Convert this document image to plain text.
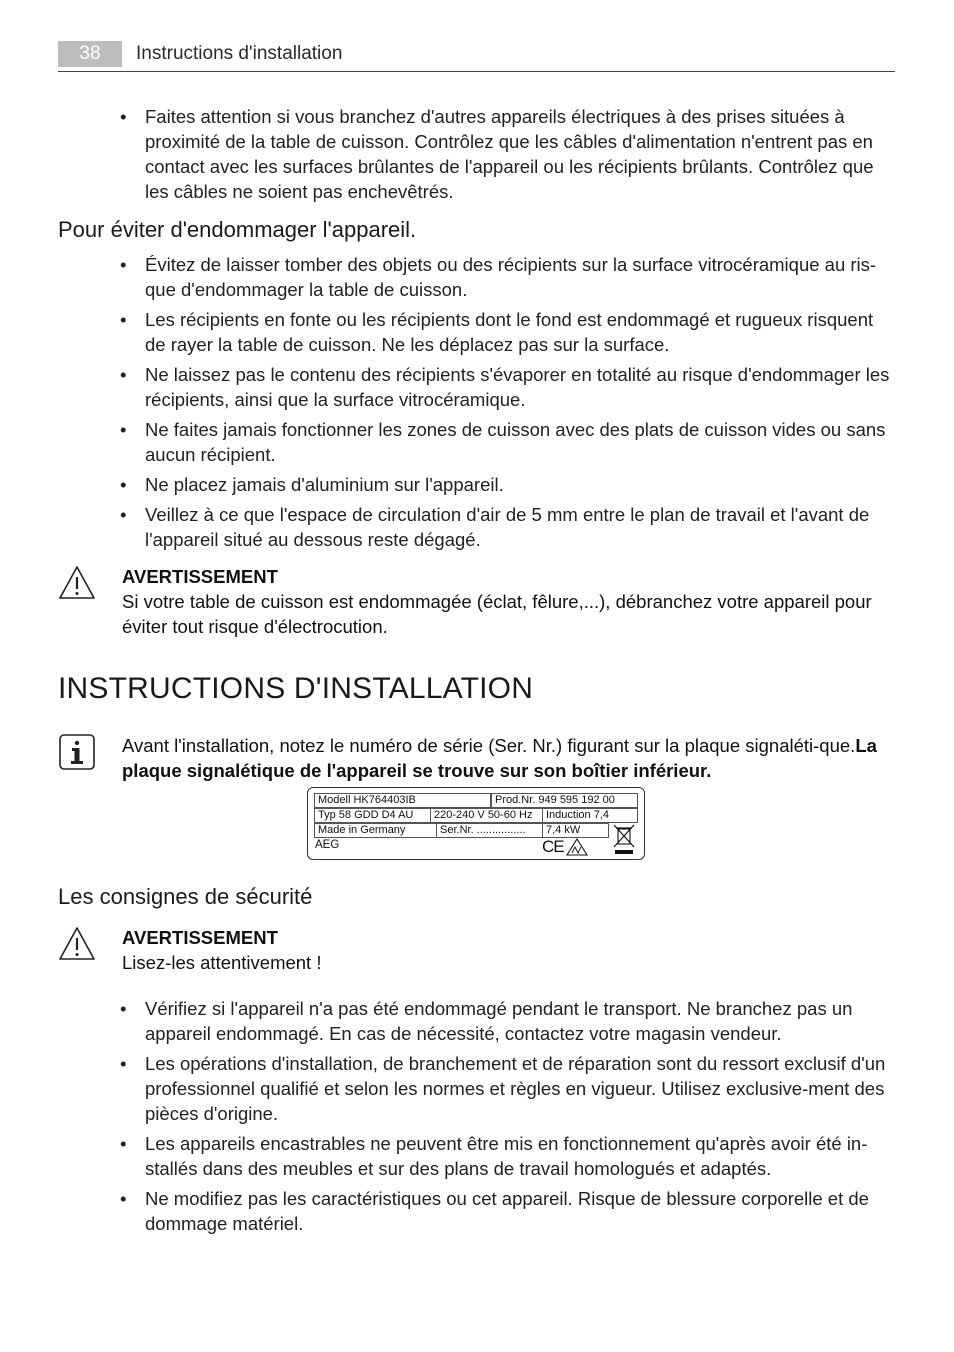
38	Instructions d'installation
• Faites attention si vous branchez d'autres appareils électriques à des prises situées à proximité de la table de cuisson. Contrôlez que les câbles d'alimentation n'entrent pas en contact avec les surfaces brûlantes de l'appareil ou les récipients brûlants. Contrôlez que les câbles ne soient pas enchevêtrés.
Pour éviter d'endommager l'appareil.
• Évitez de laisser tomber des objets ou des récipients sur la surface vitrocéramique au ris-que d'endommager la table de cuisson.
• Les récipients en fonte ou les récipients dont le fond est endommagé et rugueux risquent de rayer la table de cuisson. Ne les déplacez pas sur la surface.
• Ne laissez pas le contenu des récipients s'évaporer en totalité au risque d'endommager les récipients, ainsi que la surface vitrocéramique.
• Ne faites jamais fonctionner les zones de cuisson avec des plats de cuisson vides ou sans aucun récipient.
• Ne placez jamais d'aluminium sur l'appareil.
• Veillez à ce que l'espace de circulation d'air de 5 mm entre le plan de travail et l'avant de l'appareil situé au dessous reste dégagé.
AVERTISSEMENT
Si votre table de cuisson est endommagée (éclat, fêlure,...), débranchez votre appareil pour éviter tout risque d'électrocution.
INSTRUCTIONS D'INSTALLATION
Avant l'installation, notez le numéro de série (Ser. Nr.) figurant sur la plaque signaléti-que.La plaque signalétique de l'appareil se trouve sur son boîtier inférieur.
Modell HK764403IB	Prod.Nr. 949 595 192 00
Typ 58 GDD D4 AU	220-240 V 50-60 Hz	Induction 7,4
Made in Germany	Ser.Nr. ................	7,4 kW
AEG	CE
Les consignes de sécurité
AVERTISSEMENT
Lisez-les attentivement !
• Vérifiez si l'appareil n'a pas été endommagé pendant le transport. Ne branchez pas un appareil endommagé. En cas de nécessité, contactez votre magasin vendeur.
• Les opérations d'installation, de branchement et de réparation sont du ressort exclusif d'un professionnel qualifié et selon les normes et règles en vigueur. Utilisez exclusive-ment des pièces d'origine.
• Les appareils encastrables ne peuvent être mis en fonctionnement qu'après avoir été in-stallés dans des meubles et sur des plans de travail homologués et adaptés.
• Ne modifiez pas les caractéristiques ou cet appareil. Risque de blessure corporelle et de dommage matériel.
